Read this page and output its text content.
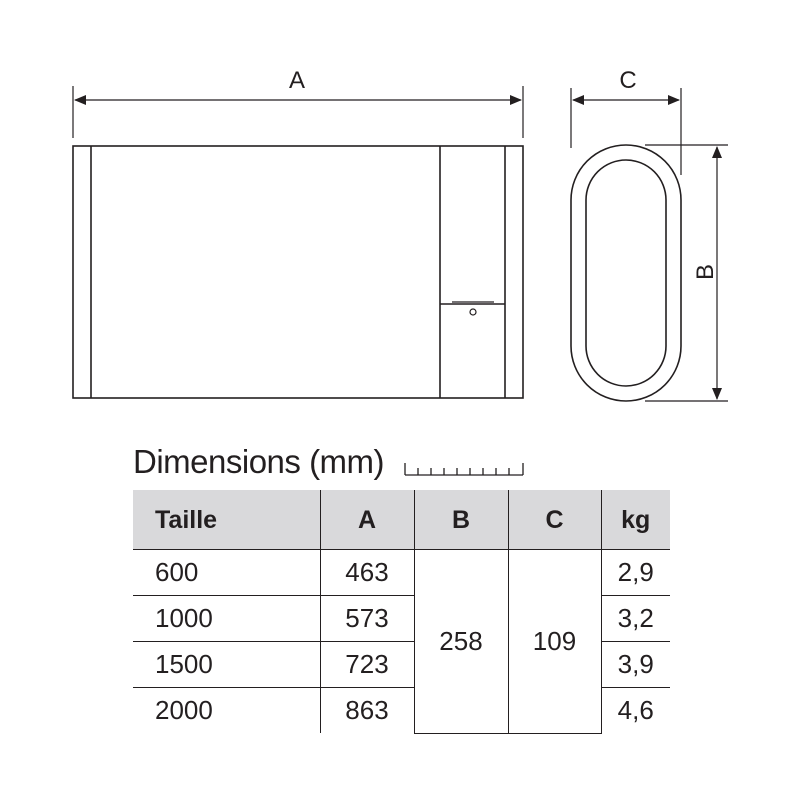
A	C
B
Dimensions (mm)
Taille	A	B	C	kg
600	463	258	109	2,9
1000	573			3,2
1500	723			3,9
2000	863			4,6
